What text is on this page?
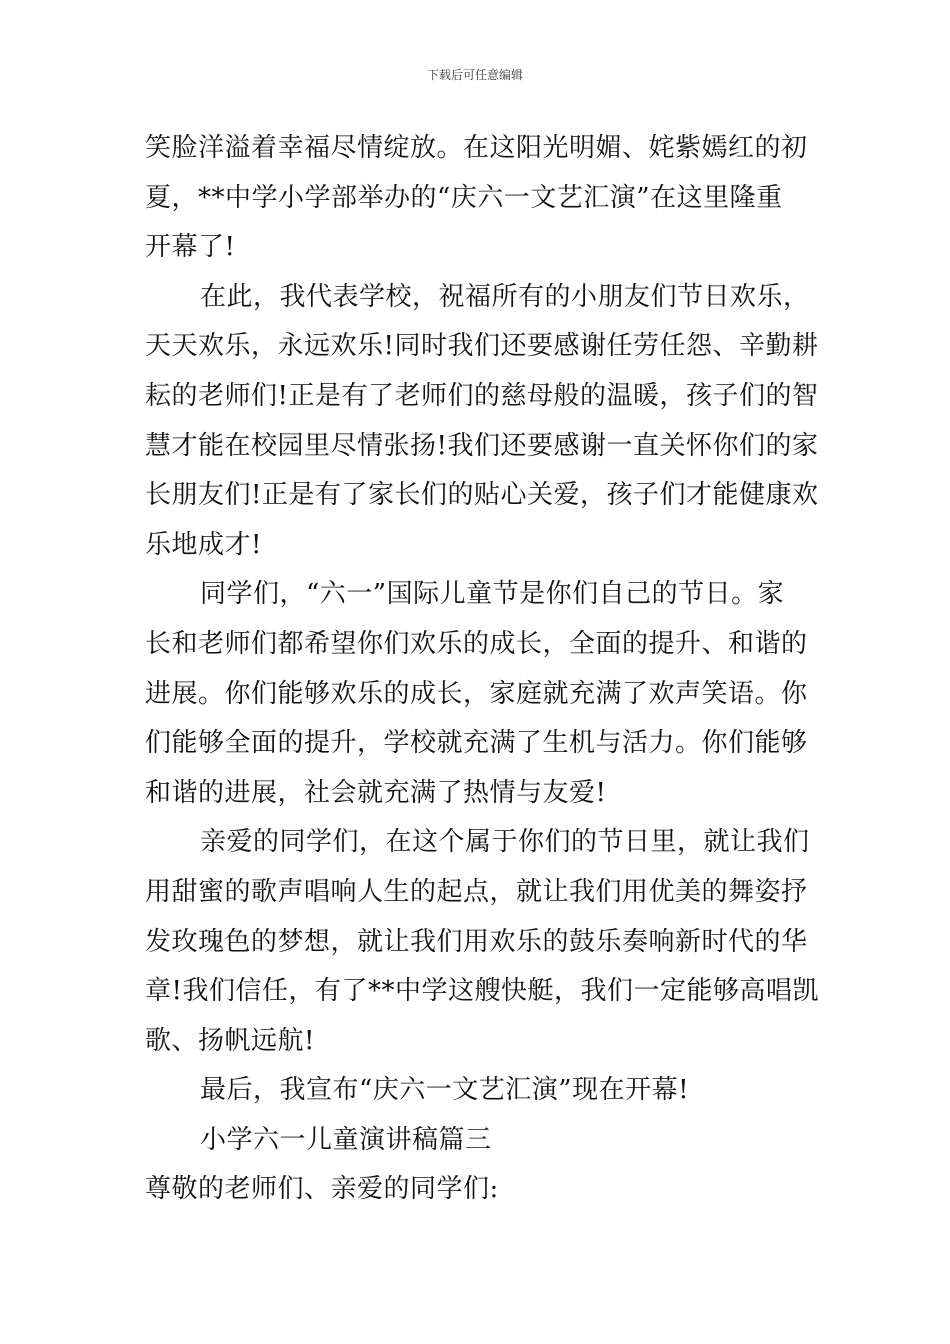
下载后可任意编辑
笑脸洋溢着幸福尽情绽放。在这阳光明媚、姹紫嫣红的初
夏，**中学小学部举办的“庆六一文艺汇演”在这里隆重
开幕了!
在此，我代表学校，祝福所有的小朋友们节日欢乐，
天天欢乐，永远欢乐!同时我们还要感谢任劳任怨、辛勤耕
耘的老师们!正是有了老师们的慈母般的温暖，孩子们的智
慧才能在校园里尽情张扬!我们还要感谢一直关怀你们的家
长朋友们!正是有了家长们的贴心关爱，孩子们才能健康欢
乐地成才!
同学们，“六一”国际儿童节是你们自己的节日。家
长和老师们都希望你们欢乐的成长，全面的提升、和谐的
进展。你们能够欢乐的成长，家庭就充满了欢声笑语。你
们能够全面的提升，学校就充满了生机与活力。你们能够
和谐的进展，社会就充满了热情与友爱!
亲爱的同学们，在这个属于你们的节日里，就让我们
用甜蜜的歌声唱响人生的起点，就让我们用优美的舞姿抒
发玫瑰色的梦想，就让我们用欢乐的鼓乐奏响新时代的华
章!我们信任，有了**中学这艘快艇，我们一定能够高唱凯
歌、扬帆远航!
最后，我宣布“庆六一文艺汇演”现在开幕!
小学六一儿童演讲稿篇三
尊敬的老师们、亲爱的同学们:
